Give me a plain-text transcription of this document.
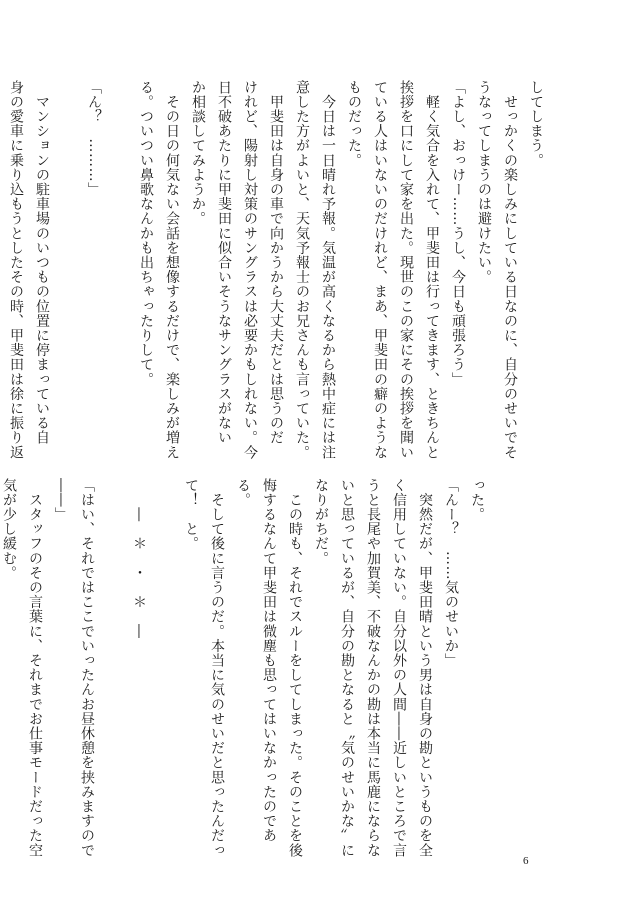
してしまう。
　せっかくの楽しみにしている日なのに、自分のせいでそ
うなってしまうのは避けたい。
「よし、おっけー……うし、今日も頑張ろう」
　軽く気合を入れて、甲斐田は行ってきます、ときちんと
挨拶を口にして家を出た。現世のこの家にその挨拶を聞い
ている人はいないのだけれど、まあ、甲斐田の癖のような
ものだった。
　今日は一日晴れ予報。気温が高くなるから熱中症には注
意した方がよいと、天気予報士のお兄さんも言っていた。
　甲斐田は自身の車で向かうから大丈夫だとは思うのだ
けれど、陽射し対策のサングラスは必要かもしれない。今
日不破あたりに甲斐田に似合いそうなサングラスがない
か相談してみようか。
　その日の何気ない会話を想像するだけで、楽しみが増え
る。ついつい鼻歌なんかも出ちゃったりして。

「ん？　………」

　マンションの駐車場のいつもの位置に停まっている自
身の愛車に乗り込もうとしたその時、甲斐田は徐に振り返
った。
「んー？　……気のせいか」
　突然だが、甲斐田晴という男は自身の勘というものを全
く信用していない。自分以外の人間――近しいところで言
うと長尾や加賀美、不破なんかの勘は本当に馬鹿にならな
いと思っているが、自分の勘となると〝気のせいかな〟に
なりがちだ。
　この時も、それでスルーをしてしまった。そのことを後
悔するなんて甲斐田は微塵も思ってはいなかったのであ
る。
　そして後に言うのだ。本当に気のせいだと思ったんだっ
て！　と。

　　―　＊　・　＊　―

「はい、それではここでいったんお昼休憩を挟みますので
――」
　スタッフのその言葉に、それまでお仕事モードだった空
気が少し緩む。
6
